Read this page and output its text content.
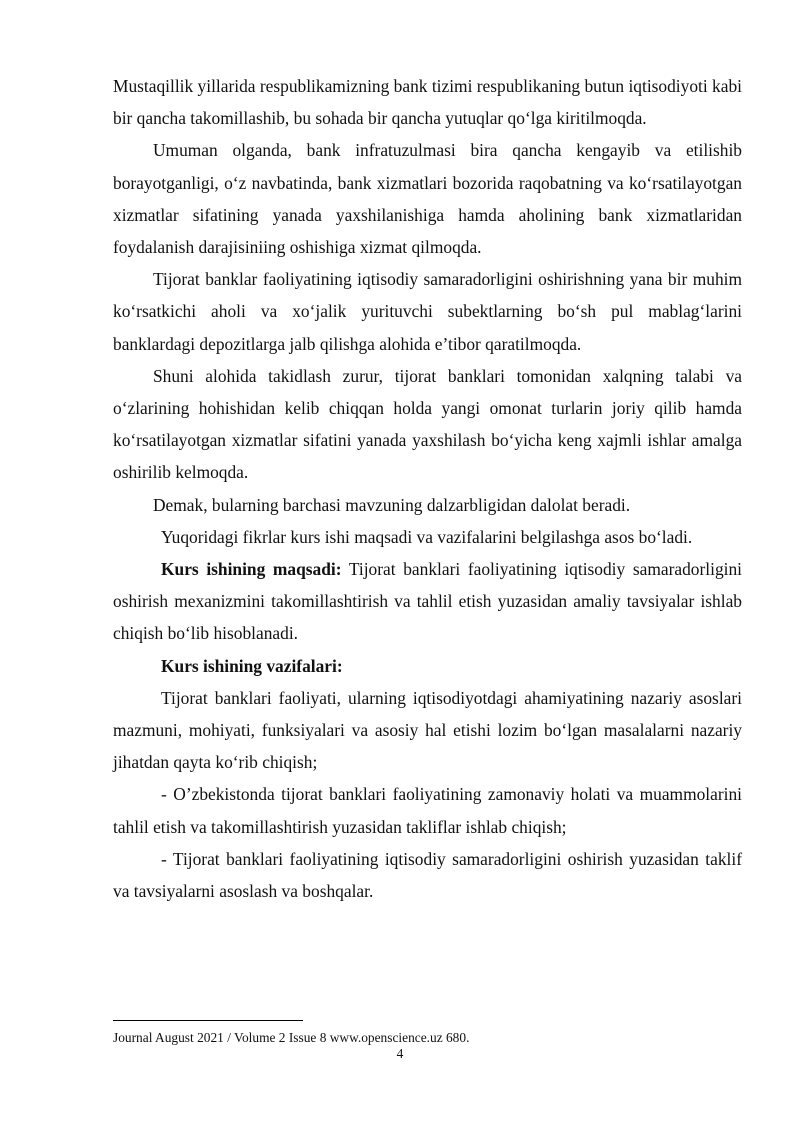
Mustaqillik yillarida respublikamizning bank tizimi respublikaning butun iqtisodiyoti kabi bir qancha takomillashib, bu sohada bir qancha yutuqlar qo‘lga kiritilmoqda.

Umuman olganda, bank infratuzulmasi bira qancha kengayib va etilishib borayotganligi, o‘z navbatinda, bank xizmatlari bozorida raqobatning va ko‘rsatilayotgan xizmatlar sifatining yanada yaxshilanishiga hamda aholining bank xizmatlaridan foydalanish darajisiniing oshishiga xizmat qilmoqda.

Tijorat banklar faoliyatining iqtisodiy samaradorligini oshirishning yana bir muhim ko‘rsatkichi aholi va xo‘jalik yurituvchi subektlarning bo‘sh pul mablag‘larini banklardagi depozitlarga jalb qilishga alohida e’tibor qaratilmoqda.

Shuni alohida takidlash zurur, tijorat banklari tomonidan xalqning talabi va o‘zlarining hohishidan kelib chiqqan holda yangi omonat turlarin joriy qilib hamda ko‘rsatilayotgan xizmatlar sifatini yanada yaxshilash bo‘yicha keng xajmli ishlar amalga oshirilib kelmoqda.

Demak, bularning barchasi mavzuning dalzarbligidan dalolat beradi.

Yuqoridagi fikrlar kurs ishi maqsadi va vazifalarini belgilashga asos bo‘ladi.

Kurs ishining maqsadi: Tijorat banklari faoliyatining iqtisodiy samaradorligini oshirish mexanizmini takomillashtirish va tahlil etish yuzasidan amaliy tavsiyalar ishlab chiqish bo‘lib hisoblanadi.

Kurs ishining vazifalari:

Tijorat banklari faoliyati, ularning iqtisodiyotdagi ahamiyatining nazariy asoslari mazmuni, mohiyati, funksiyalari va asosiy hal etishi lozim bo‘lgan masalalarni nazariy jihatdan qayta ko‘rib chiqish;

- O’zbekistonda tijorat banklari faoliyatining zamonaviy holati va muammolarini tahlil etish va takomillashtirish yuzasidan takliflar ishlab chiqish;

- Tijorat banklari faoliyatining iqtisodiy samaradorligini oshirish yuzasidan taklif va tavsiyalarni asoslash va boshqalar.

Journal August 2021 / Volume 2 Issue 8 www.openscience.uz 680.
4
